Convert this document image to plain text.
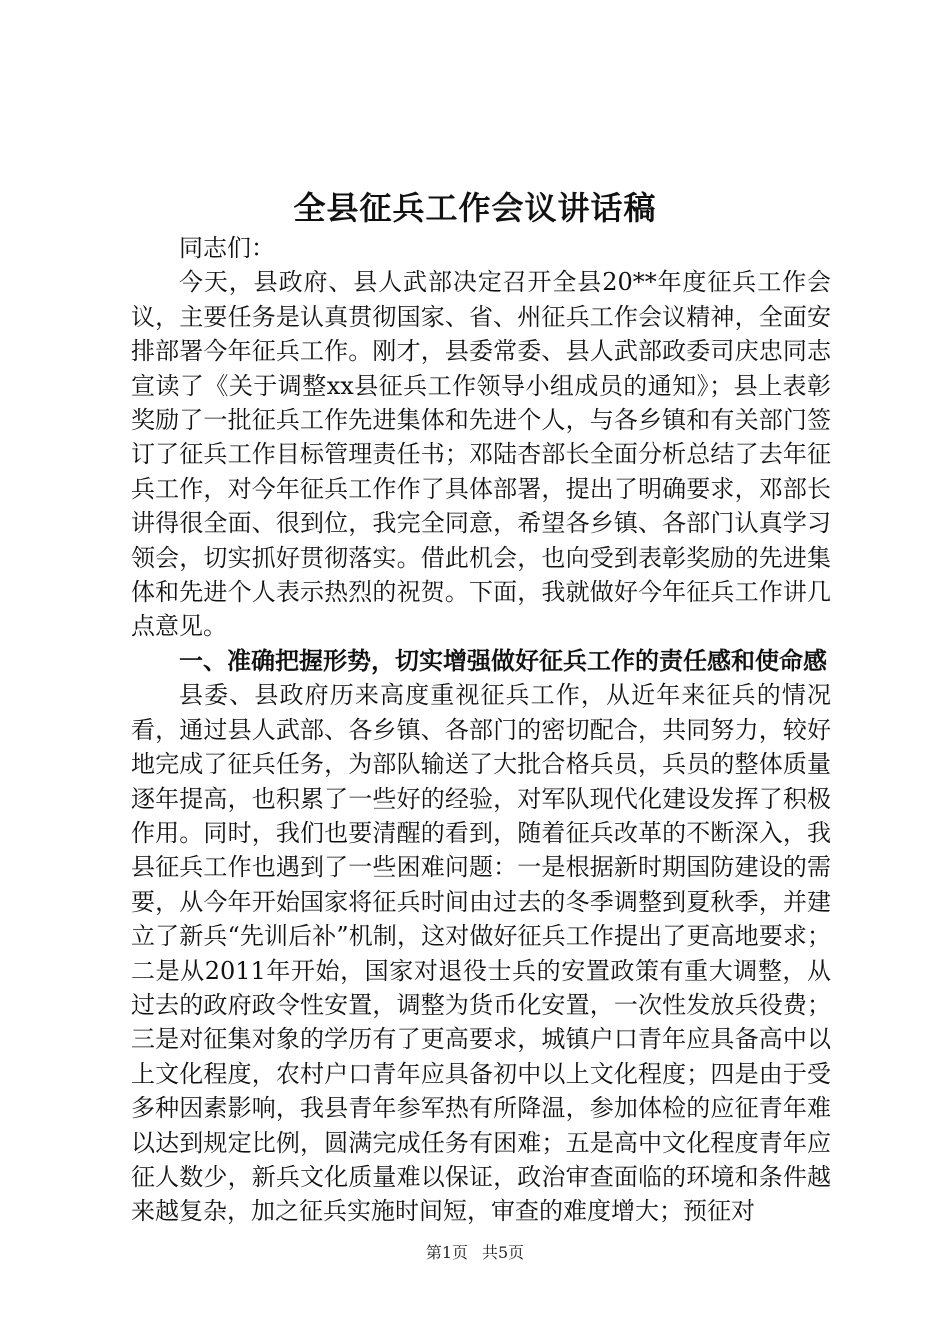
全县征兵工作会议讲话稿

同志们：

今天，县政府、县人武部决定召开全县20**年度征兵工作会议，主要任务是认真贯彻国家、省、州征兵工作会议精神，全面安排部署今年征兵工作。刚才，县委常委、县人武部政委司庆忠同志宣读了《关于调整xx县征兵工作领导小组成员的通知》；县上表彰奖励了一批征兵工作先进集体和先进个人，与各乡镇和有关部门签订了征兵工作目标管理责任书；邓陆杏部长全面分析总结了去年征兵工作，对今年征兵工作作了具体部署，提出了明确要求，邓部长讲得很全面、很到位，我完全同意，希望各乡镇、各部门认真学习领会，切实抓好贯彻落实。借此机会，也向受到表彰奖励的先进集体和先进个人表示热烈的祝贺。下面，我就做好今年征兵工作讲几点意见。

一、准确把握形势，切实增强做好征兵工作的责任感和使命感

县委、县政府历来高度重视征兵工作，从近年来征兵的情况看，通过县人武部、各乡镇、各部门的密切配合，共同努力，较好地完成了征兵任务，为部队输送了大批合格兵员，兵员的整体质量逐年提高，也积累了一些好的经验，对军队现代化建设发挥了积极作用。同时，我们也要清醒的看到，随着征兵改革的不断深入，我县征兵工作也遇到了一些困难问题：一是根据新时期国防建设的需要，从今年开始国家将征兵时间由过去的冬季调整到夏秋季，并建立了新兵“先训后补”机制，这对做好征兵工作提出了更高地要求；二是从2011年开始，国家对退役士兵的安置政策有重大调整，从过去的政府政令性安置，调整为货币化安置，一次性发放兵役费；三是对征集对象的学历有了更高要求，城镇户口青年应具备高中以上文化程度，农村户口青年应具备初中以上文化程度；四是由于受多种因素影响，我县青年参军热有所降温，参加体检的应征青年难以达到规定比例，圆满完成任务有困难；五是高中文化程度青年应征人数少，新兵文化质量难以保证，政治审查面临的环境和条件越来越复杂，加之征兵实施时间短，审查的难度增大；预征对

第1页 共5页
